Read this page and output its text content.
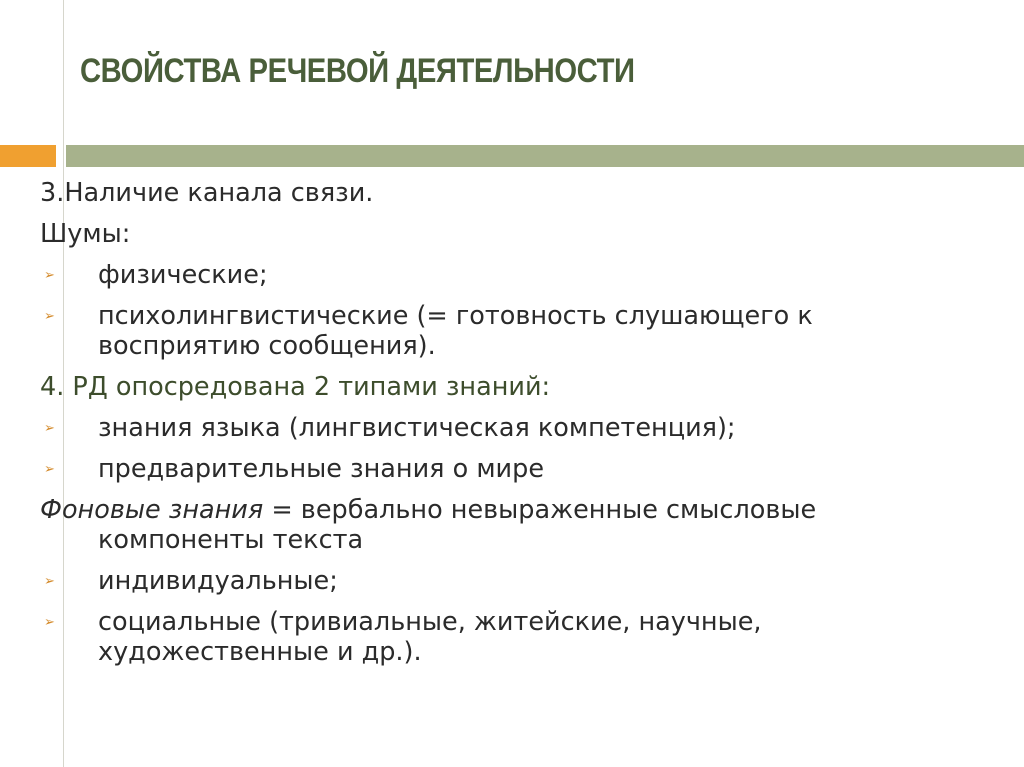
СВОЙСТВА РЕЧЕВОЙ ДЕЯТЕЛЬНОСТИ

3.Наличие канала связи.

Шумы:

➢ физические;
➢ психолингвистические (= готовность слушающего к восприятию сообщения).

4. РД опосредована 2 типами знаний:

➢ знания языка (лингвистическая компетенция);
➢ предварительные знания о мире

Фоновые знания = вербально невыраженные смысловые компоненты текста

➢ индивидуальные;
➢ социальные (тривиальные, житейские, научные, художественные и др.).
